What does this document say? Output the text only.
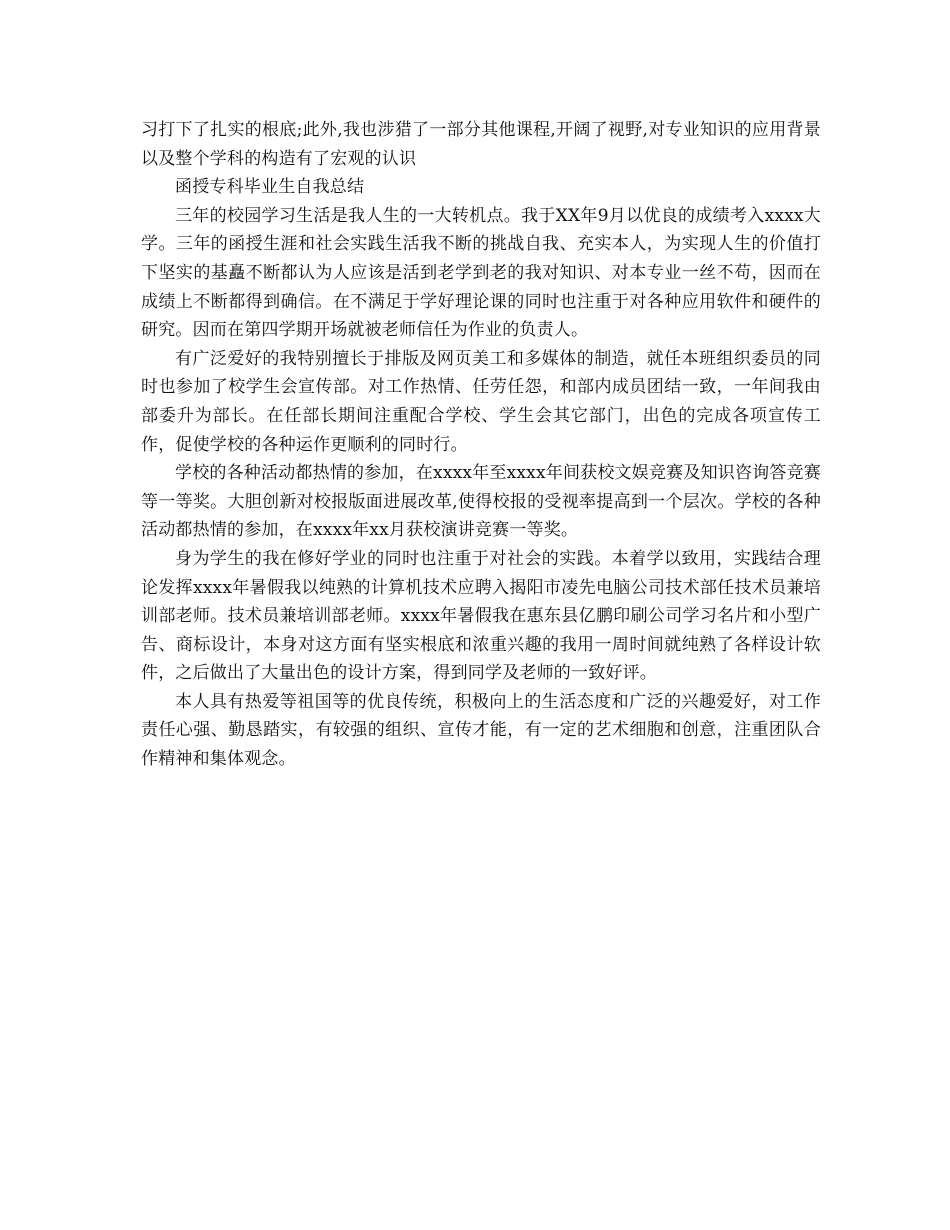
习打下了扎实的根底;此外,我也涉猎了一部分其他课程,开阔了视野,对专业知识的应用背景以及整个学科的构造有了宏观的认识

函授专科毕业生自我总结

三年的校园学习生活是我人生的一大转机点。我于XX年9月以优良的成绩考入xxxx大学。三年的函授生涯和社会实践生活我不断的挑战自我、充实本人，为实现人生的价值打下坚实的基矗不断都认为人应该是活到老学到老的我对知识、对本专业一丝不苟，因而在成绩上不断都得到确信。在不满足于学好理论课的同时也注重于对各种应用软件和硬件的研究。因而在第四学期开场就被老师信任为作业的负责人。

有广泛爱好的我特别擅长于排版及网页美工和多媒体的制造，就任本班组织委员的同时也参加了校学生会宣传部。对工作热情、任劳任怨，和部内成员团结一致，一年间我由部委升为部长。在任部长期间注重配合学校、学生会其它部门，出色的完成各项宣传工作，促使学校的各种运作更顺利的同时行。

学校的各种活动都热情的参加，在xxxx年至xxxx年间获校文娱竞赛及知识咨询答竞赛等一等奖。大胆创新对校报版面进展改革,使得校报的受视率提高到一个层次。学校的各种活动都热情的参加，在xxxx年xx月获校演讲竞赛一等奖。

身为学生的我在修好学业的同时也注重于对社会的实践。本着学以致用，实践结合理论发挥xxxx年暑假我以纯熟的计算机技术应聘入揭阳市凌先电脑公司技术部任技术员兼培训部老师。技术员兼培训部老师。xxxx年暑假我在惠东县亿鹏印刷公司学习名片和小型广告、商标设计，本身对这方面有坚实根底和浓重兴趣的我用一周时间就纯熟了各样设计软件，之后做出了大量出色的设计方案，得到同学及老师的一致好评。

本人具有热爱等祖国等的优良传统，积极向上的生活态度和广泛的兴趣爱好，对工作责任心强、勤恳踏实，有较强的组织、宣传才能，有一定的艺术细胞和创意，注重团队合作精神和集体观念。
